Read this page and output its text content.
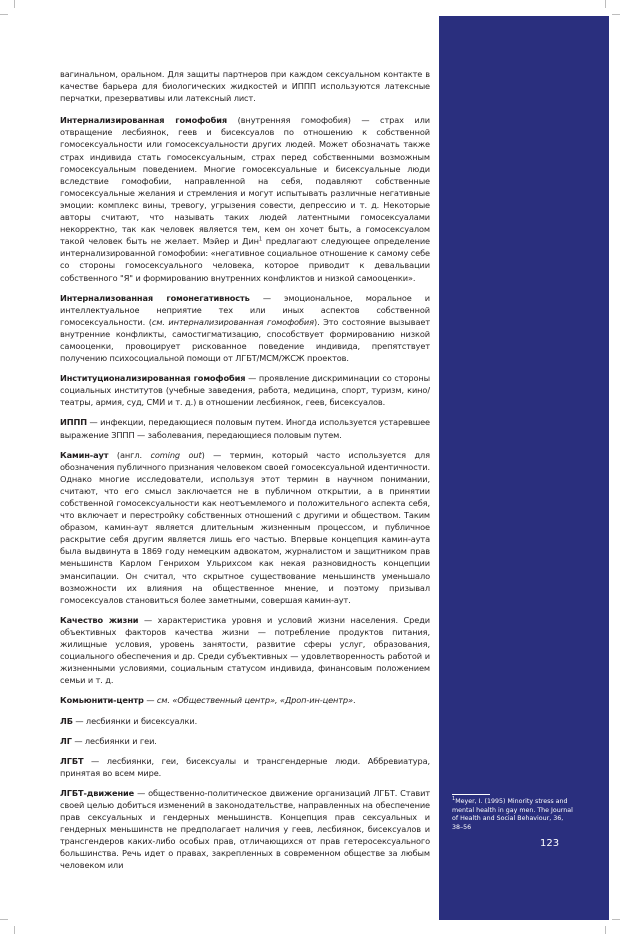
вагинальном, оральном. Для защиты партнеров при каждом сексуальном контакте в качестве барьера для биологических жидкостей и ИППП используются латексные перчатки, презервативы или латексный лист.

Интернализированная гомофобия (внутренняя гомофобия) — страх или отвращение лесбиянок, геев и бисексуалов по отношению к собственной гомосексуальности или гомосексуальности других людей. Может обозначать также страх индивида стать гомосексуальным, страх перед собственными возможным гомосексуальным поведением. Многие гомосексуальные и бисексуальные люди вследствие гомофобии, направленной на себя, подавляют собственные гомосексуальные желания и стремления и могут испытывать различные негативные эмоции: комплекс вины, тревогу, угрызения совести, депрессию и т. д. Некоторые авторы считают, что называть таких людей латентными гомосексуалами некорректно, так как человек является тем, кем он хочет быть, а гомосексуалом такой человек быть не желает. Мэйер и Дин$^1$ предлагают следующее определение интернализированной гомофобии: «негативное социальное отношение к самому себе со стороны гомосексуального человека, которое приводит к девальвации собственного "Я" и формированию внутренних конфликтов и низкой самооценки».

Интернализованная гомонегативность — эмоциональное, моральное и интеллектуальное неприятие тех или иных аспектов собственной гомосексуальности. (см. интернализированная гомофобия). Это состояние вызывает внутренние конфликты, самостигматизацию, способствует формированию низкой самооценки, провоцирует рискованное поведение индивида, препятствует получению психосоциальной помощи от ЛГБТ/МСМ/ЖСЖ проектов.

Институционализированная гомофобия — проявление дискриминации со стороны социальных институтов (учебные заведения, работа, медицина, спорт, туризм, кино/театры, армия, суд, СМИ и т. д.) в отношении лесбиянок, геев, бисексуалов.

ИППП — инфекции, передающиеся половым путем. Иногда используется устаревшее выражение ЗППП — заболевания, передающиеся половым путем.

Камин-аут (англ. coming out) — термин, который часто используется для обозначения публичного признания человеком своей гомосексуальной идентичности. Однако многие исследователи, используя этот термин в научном понимании, считают, что его смысл заключается не в публичном открытии, а в принятии собственной гомосексуальности как неотъемлемого и положительного аспекта себя, что включает и перестройку собственных отношений с другими и обществом. Таким образом, камин-аут является длительным жизненным процессом, и публичное раскрытие себя другим является лишь его частью. Впервые концепция камин-аута была выдвинута в 1869 году немецким адвокатом, журналистом и защитником прав меньшинств Карлом Генрихом Ульрихсом как некая разновидность концепции эмансипации. Он считал, что скрытное существование меньшинств уменьшало возможности их влияния на общественное мнение, и поэтому призывал гомосексуалов становиться более заметными, совершая камин-аут.

Качество жизни — характеристика уровня и условий жизни населения. Среди объективных факторов качества жизни — потребление продуктов питания, жилищные условия, уровень занятости, развитие сферы услуг, образования, социального обеспечения и др. Среди субъективных — удовлетворенность работой и жизненными условиями, социальным статусом индивида, финансовым положением семьи и т. д.

Комьюнити-центр — см. «Общественный центр», «Дроп-ин-центр».

ЛБ — лесбиянки и бисексуалки.

ЛГ — лесбиянки и геи.

ЛГБТ — лесбиянки, геи, бисексуалы и трансгендерные люди. Аббревиатура, принятая во всем мире.

ЛГБТ-движение — общественно-политическое движение организаций ЛГБТ. Ставит своей целью добиться изменений в законодательстве, направленных на обеспечение прав сексуальных и гендерных меньшинств. Концепция прав сексуальных и гендерных меньшинств не предполагает наличия у геев, лесбиянок, бисексуалов и трансгендеров каких-либо особых прав, отличающихся от прав гетеросексуального большинства. Речь идет о правах, закрепленных в современном обществе за любым человеком или

$^1$Meyer, I. (1995) Minority stress and mental health in gay men. The Journal of Health and Social Behaviour, 36, 38–56
123
